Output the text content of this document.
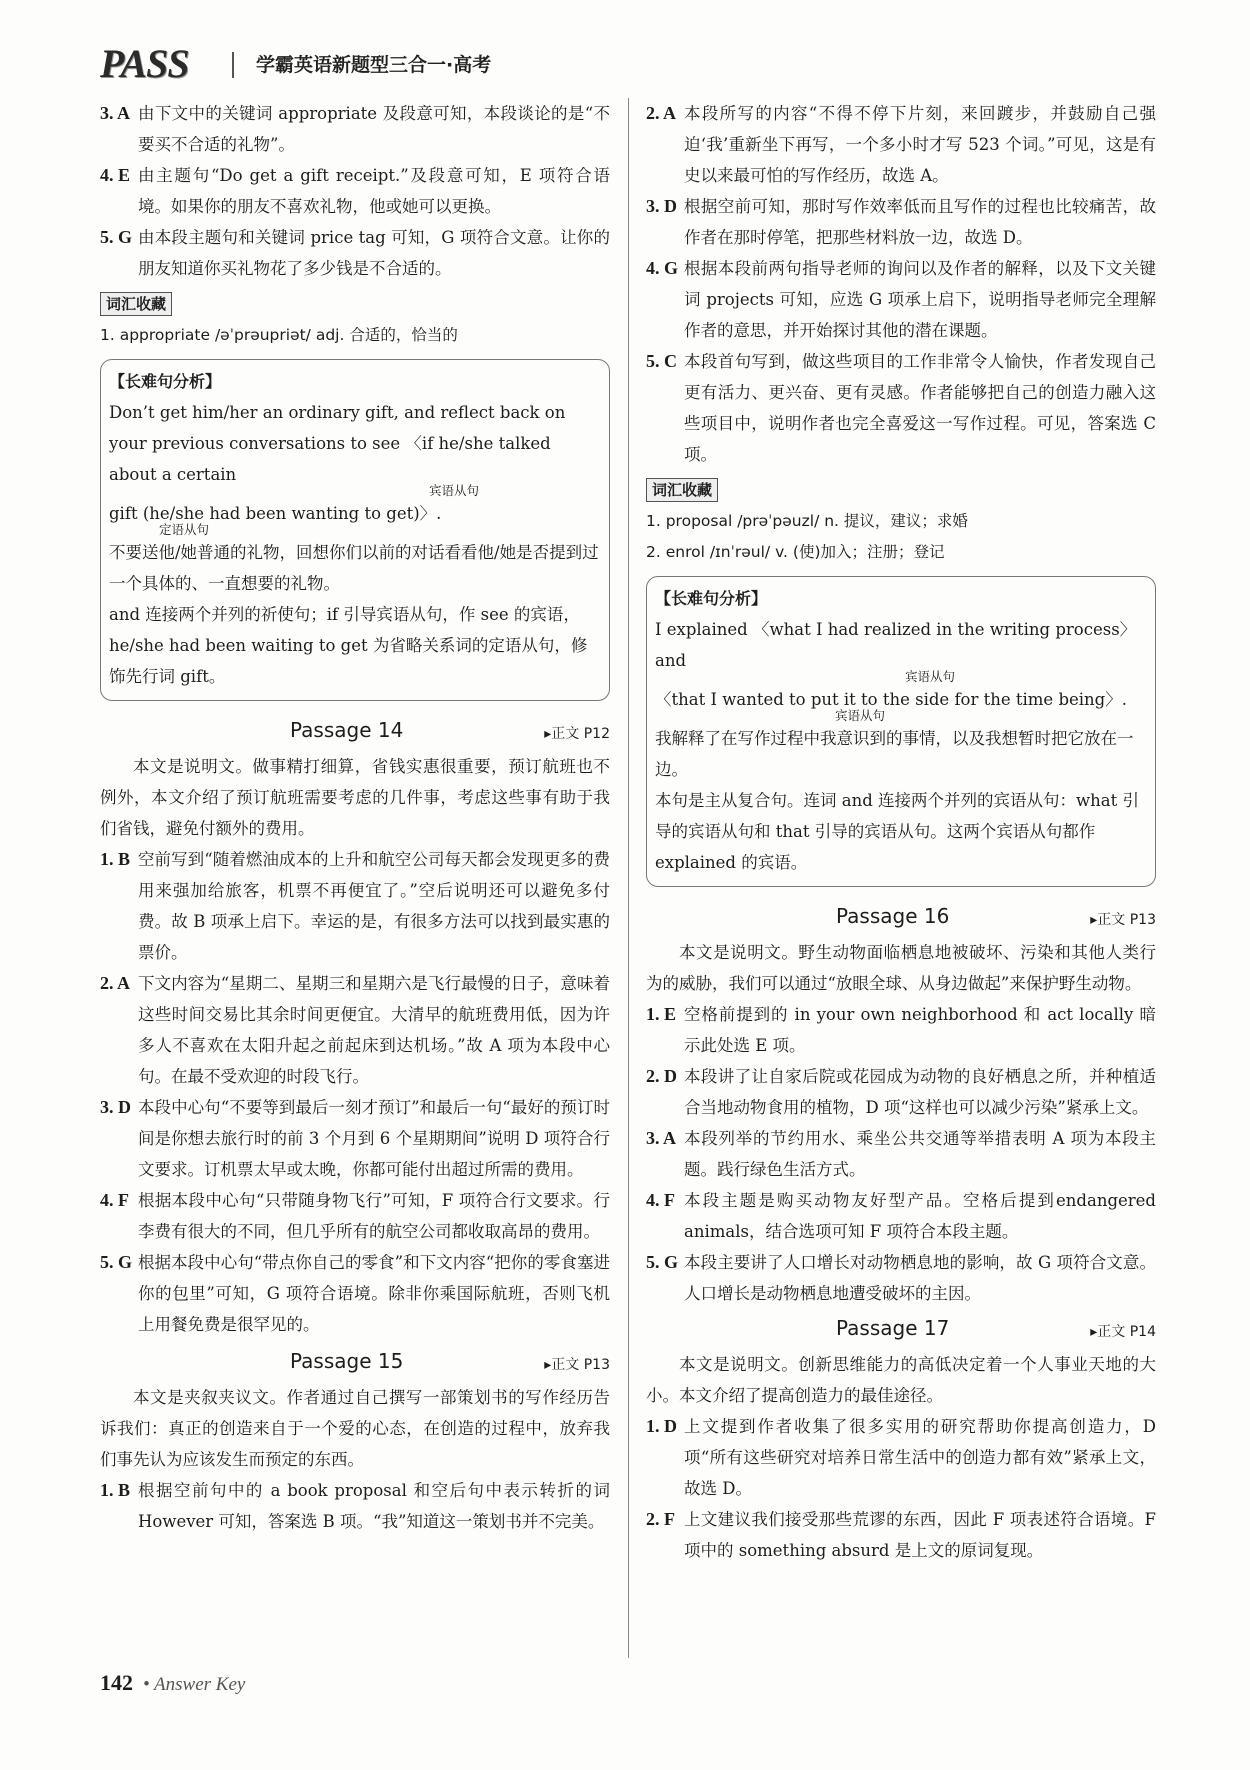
PASS	学霸英语新题型三合一·高考
3. A 由下文中的关键词 appropriate 及段意可知，本段谈论的是“不要买不合适的礼物”。
4. E 由主题句“Do get a gift receipt.”及段意可知，E 项符合语境。如果你的朋友不喜欢礼物，他或她可以更换。
5. G 由本段主题句和关键词 price tag 可知，G 项符合文意。让你的朋友知道你买礼物花了多少钱是不合适的。
词汇收藏
1. appropriate /əˈprəupriət/ adj. 合适的，恰当的
【长难句分析】
Don’t get him/her an ordinary gift, and reflect back on your previous conversations to see 〈if he/she talked about a certain
宾语从句
gift (he/she had been wanting to get)〉.
定语从句
不要送他/她普通的礼物，回想你们以前的对话看看他/她是否提到过一个具体的、一直想要的礼物。
and 连接两个并列的祈使句；if 引导宾语从句，作 see 的宾语，he/she had been waiting to get 为省略关系词的定语从句，修饰先行词 gift。
Passage 14	▸正文 P12

本文是说明文。做事精打细算，省钱实惠很重要，预订航班也不例外，本文介绍了预订航班需要考虑的几件事，考虑这些事有助于我们省钱，避免付额外的费用。

1. B 空前写到“随着燃油成本的上升和航空公司每天都会发现更多的费用来强加给旅客，机票不再便宜了。”空后说明还可以避免多付费。故 B 项承上启下。幸运的是，有很多方法可以找到最实惠的票价。
2. A 下文内容为“星期二、星期三和星期六是飞行最慢的日子，意味着这些时间交易比其余时间更便宜。大清早的航班费用低，因为许多人不喜欢在太阳升起之前起床到达机场。”故 A 项为本段中心句。在最不受欢迎的时段飞行。
3. D 本段中心句“不要等到最后一刻才预订”和最后一句“最好的预订时间是你想去旅行时的前 3 个月到 6 个星期期间”说明 D 项符合行文要求。订机票太早或太晚，你都可能付出超过所需的费用。
4. F 根据本段中心句“只带随身物飞行”可知，F 项符合行文要求。行李费有很大的不同，但几乎所有的航空公司都收取高昂的费用。
5. G 根据本段中心句“带点你自己的零食”和下文内容“把你的零食塞进你的包里”可知，G 项符合语境。除非你乘国际航班，否则飞机上用餐免费是很罕见的。
Passage 15	▸正文 P13

本文是夹叙夹议文。作者通过自己撰写一部策划书的写作经历告诉我们：真正的创造来自于一个爱的心态，在创造的过程中，放弃我们事先认为应该发生而预定的东西。

1. B 根据空前句中的 a book proposal 和空后句中表示转折的词 However 可知，答案选 B 项。“我”知道这一策划书并不完美。
2. A 本段所写的内容“不得不停下片刻，来回踱步，并鼓励自己强迫‘我’重新坐下再写，一个多小时才写 523 个词。”可见，这是有史以来最可怕的写作经历，故选 A。
3. D 根据空前可知，那时写作效率低而且写作的过程也比较痛苦，故作者在那时停笔，把那些材料放一边，故选 D。
4. G 根据本段前两句指导老师的询问以及作者的解释，以及下文关键词 projects 可知，应选 G 项承上启下，说明指导老师完全理解作者的意思，并开始探讨其他的潜在课题。
5. C 本段首句写到，做这些项目的工作非常令人愉快，作者发现自己更有活力、更兴奋、更有灵感。作者能够把自己的创造力融入这些项目中，说明作者也完全喜爱这一写作过程。可见，答案选 C 项。
词汇收藏
1. proposal /prəˈpəuzl/ n. 提议，建议；求婚
2. enrol /ɪnˈrəul/ v. (使)加入；注册；登记
【长难句分析】
I explained 〈what I had realized in the writing process〉 and
宾语从句
〈that I wanted to put it to the side for the time being〉.
宾语从句
我解释了在写作过程中我意识到的事情，以及我想暂时把它放在一边。
本句是主从复合句。连词 and 连接两个并列的宾语从句：what 引导的宾语从句和 that 引导的宾语从句。这两个宾语从句都作 explained 的宾语。
Passage 16	▸正文 P13

本文是说明文。野生动物面临栖息地被破坏、污染和其他人类行为的威胁，我们可以通过“放眼全球、从身边做起”来保护野生动物。

1. E 空格前提到的 in your own neighborhood 和 act locally 暗示此处选 E 项。
2. D 本段讲了让自家后院或花园成为动物的良好栖息之所，并种植适合当地动物食用的植物，D 项“这样也可以减少污染”紧承上文。
3. A 本段列举的节约用水、乘坐公共交通等举措表明 A 项为本段主题。践行绿色生活方式。
4. F 本段主题是购买动物友好型产品。空格后提到endangered animals，结合选项可知 F 项符合本段主题。
5. G 本段主要讲了人口增长对动物栖息地的影响，故 G 项符合文意。人口增长是动物栖息地遭受破坏的主因。
Passage 17	▸正文 P14

本文是说明文。创新思维能力的高低决定着一个人事业天地的大小。本文介绍了提高创造力的最佳途径。

1. D 上文提到作者收集了很多实用的研究帮助你提高创造力，D 项“所有这些研究对培养日常生活中的创造力都有效”紧承上文，故选 D。
2. F 上文建议我们接受那些荒谬的东西，因此 F 项表述符合语境。F 项中的 something absurd 是上文的原词复现。
142 • Answer Key
